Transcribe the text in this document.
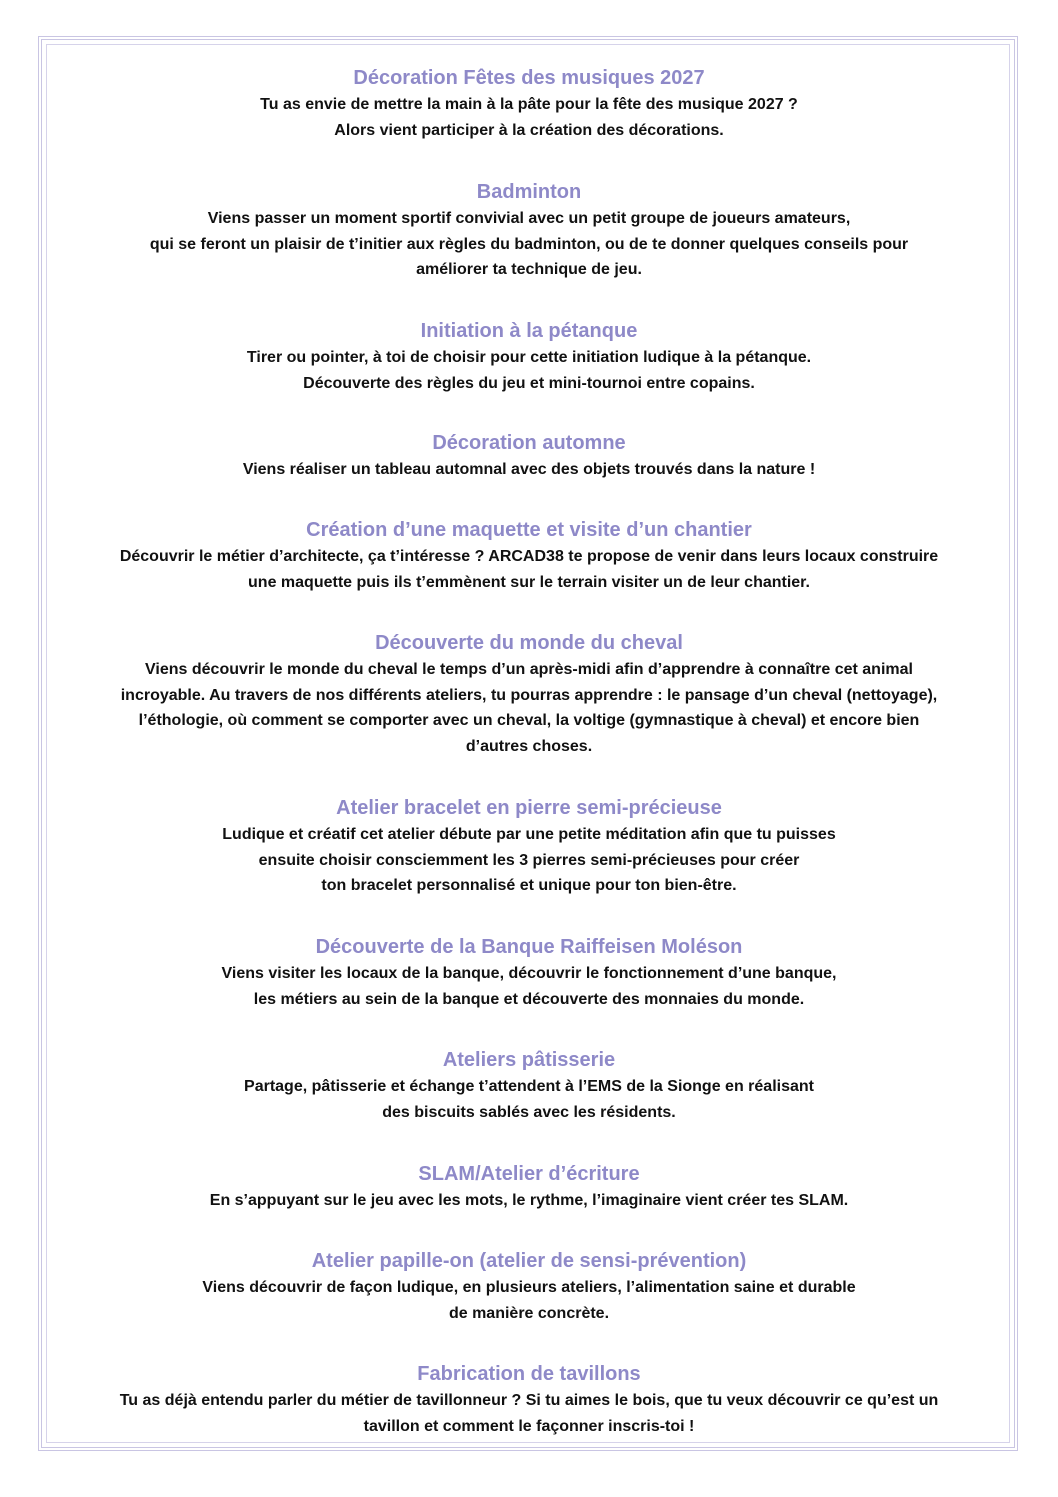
Décoration Fêtes des musiques 2027
Tu as envie de mettre la main à la pâte pour la fête des musique 2027 ?
Alors vient participer à la création des décorations.
Badminton
Viens passer un moment sportif convivial avec un petit groupe de joueurs amateurs,
qui se feront un plaisir de t’initier aux règles du badminton, ou de te donner quelques conseils pour
améliorer ta technique de jeu.
Initiation à la pétanque
Tirer ou pointer, à toi de choisir pour cette initiation ludique à la pétanque.
Découverte des règles du jeu et mini-tournoi entre copains.
Décoration automne
Viens réaliser un tableau automnal avec des objets trouvés dans la nature !
Création d’une maquette et visite d’un chantier
Découvrir le métier d’architecte, ça t’intéresse ? ARCAD38 te propose de venir dans leurs locaux construire
une maquette puis ils t’emmènent sur le terrain visiter un de leur chantier.
Découverte du monde du cheval
Viens découvrir le monde du cheval le temps d’un après-midi afin d’apprendre à connaître cet animal
incroyable. Au travers de nos différents ateliers, tu pourras apprendre : le pansage d’un cheval (nettoyage),
l’éthologie, où comment se comporter avec un cheval, la voltige (gymnastique à cheval) et encore bien
d’autres choses.
Atelier bracelet en pierre semi-précieuse
Ludique et créatif cet atelier débute par une petite méditation afin que tu puisses
ensuite choisir consciemment les 3 pierres semi-précieuses pour créer
ton bracelet personnalisé et unique pour ton bien-être.
Découverte de la Banque Raiffeisen Moléson
Viens visiter les locaux de la banque, découvrir le fonctionnement d’une banque,
les métiers au sein de la banque et découverte des monnaies du monde.
Ateliers pâtisserie
Partage, pâtisserie et échange t’attendent à l’EMS de la Sionge en réalisant
des biscuits sablés avec les résidents.
SLAM/Atelier d’écriture
En s’appuyant sur le jeu avec les mots, le rythme, l’imaginaire vient créer tes SLAM.
Atelier papille-on (atelier de sensi-prévention)
Viens découvrir de façon ludique, en plusieurs ateliers, l’alimentation saine et durable
de manière concrète.
Fabrication de tavillons
Tu as déjà entendu parler du métier de tavillonneur ? Si tu aimes le bois, que tu veux découvrir ce qu’est un
tavillon et comment le façonner inscris-toi !
